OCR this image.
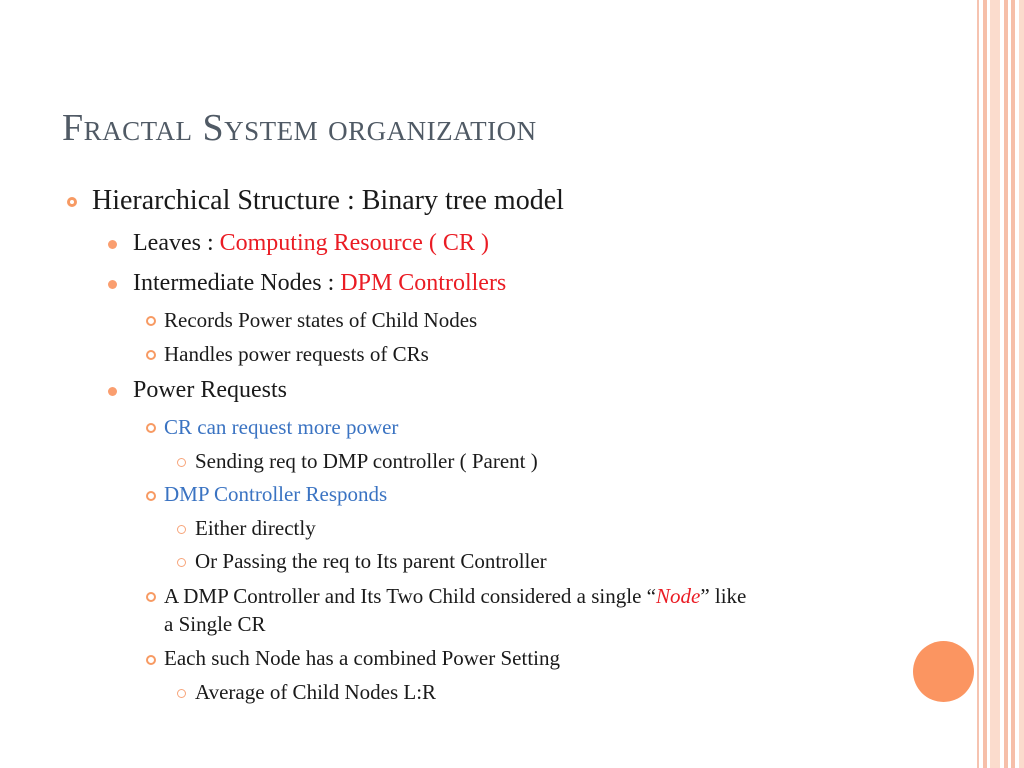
Fractal System organization
Hierarchical Structure : Binary tree model
Leaves : Computing Resource ( CR )
Intermediate Nodes : DPM Controllers
Records Power states of Child Nodes
Handles power requests of CRs
Power Requests
CR can request more power
Sending req to DMP controller ( Parent )
DMP Controller Responds
Either directly
Or Passing the req to Its parent Controller
A DMP Controller and Its Two Child considered a single “Node” like
a Single CR
Each such Node has a combined Power Setting
Average of Child Nodes L:R
